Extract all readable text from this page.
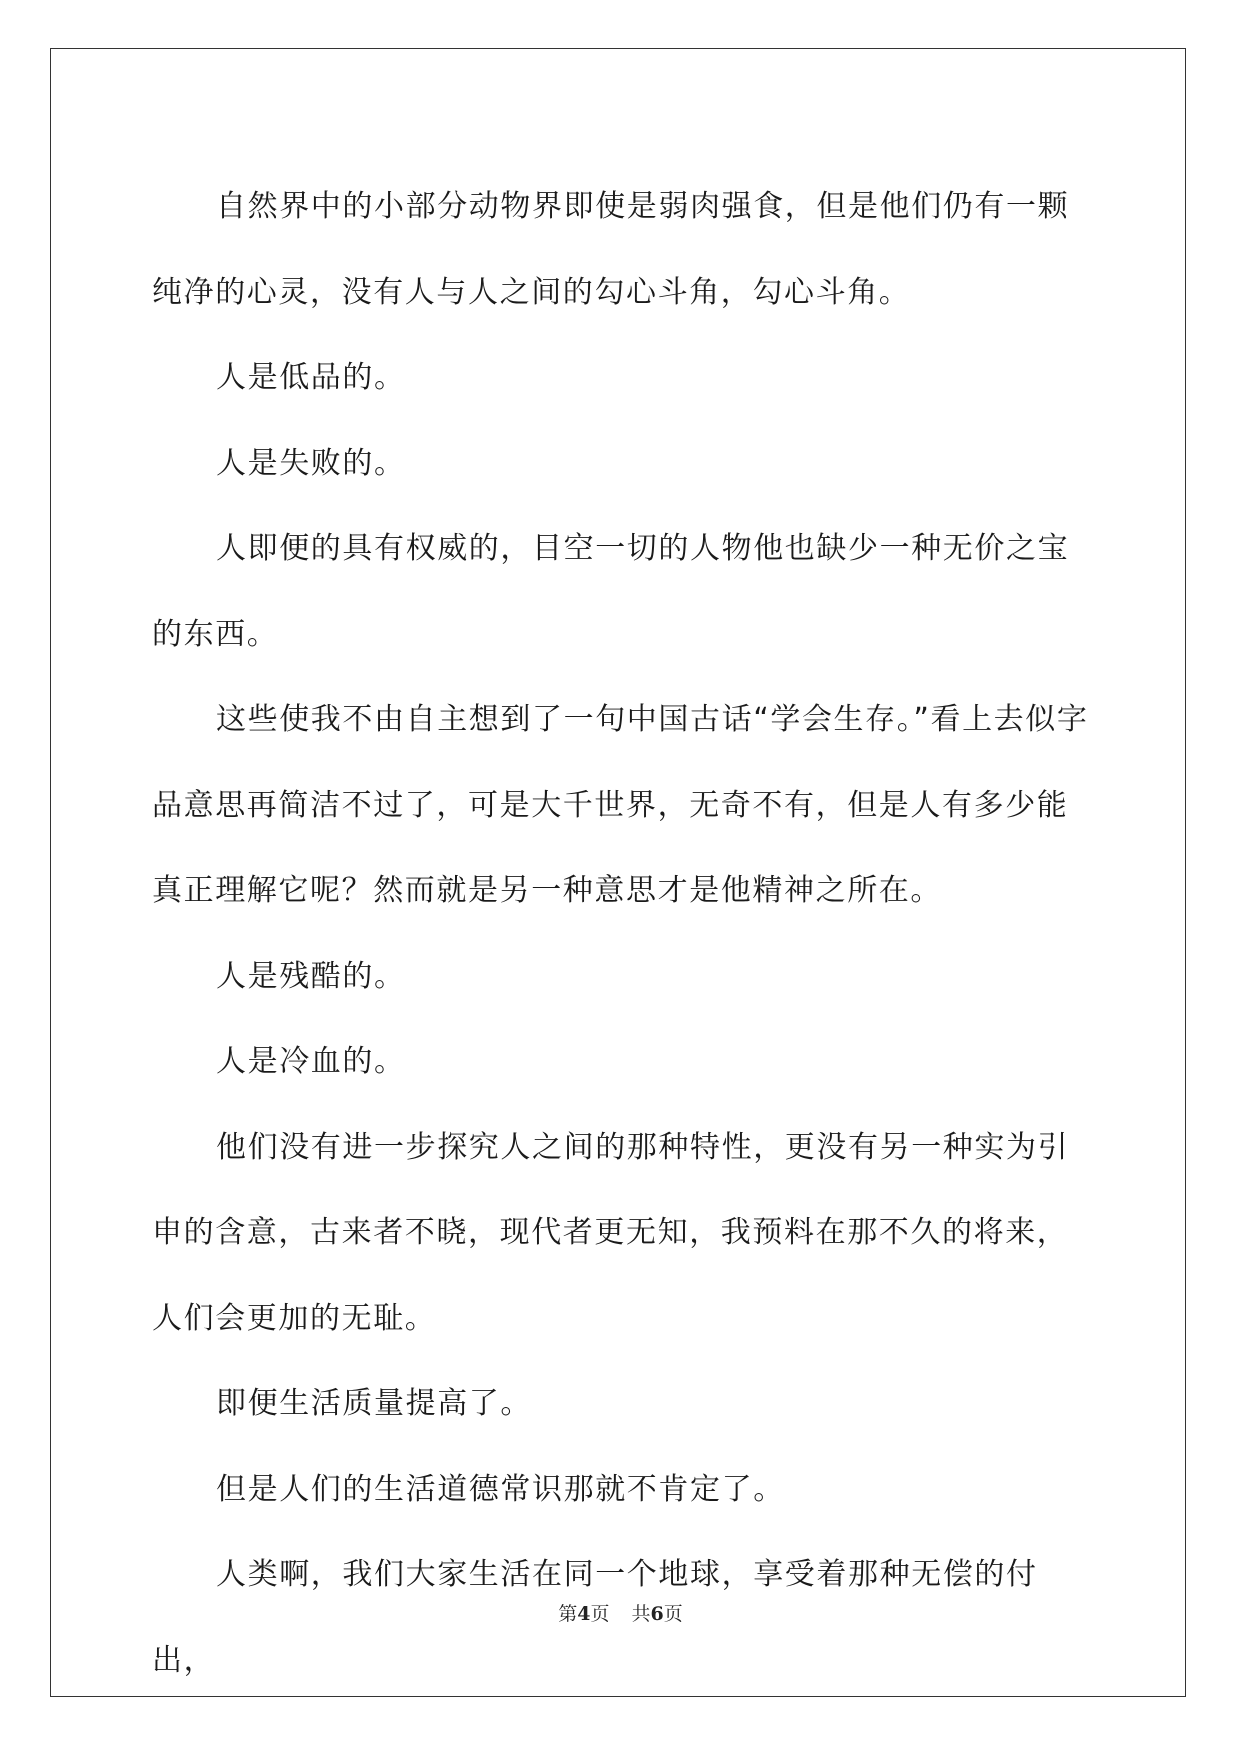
自然界中的小部分动物界即使是弱肉强食，但是他们仍有一颗纯净的心灵，没有人与人之间的勾心斗角，勾心斗角。

人是低品的。

人是失败的。

人即便的具有权威的，目空一切的人物他也缺少一种无价之宝的东西。

这些使我不由自主想到了一句中国古话“学会生存。”看上去似字品意思再简洁不过了，可是大千世界，无奇不有，但是人有多少能真正理解它呢？然而就是另一种意思才是他精神之所在。

人是残酷的。

人是冷血的。

他们没有进一步探究人之间的那种特性，更没有另一种实为引申的含意，古来者不晓，现代者更无知，我预料在那不久的将来，人们会更加的无耻。

即便生活质量提高了。

但是人们的生活道德常识那就不肯定了。

人类啊，我们大家生活在同一个地球，享受着那种无偿的付出，

第4页 共6页
